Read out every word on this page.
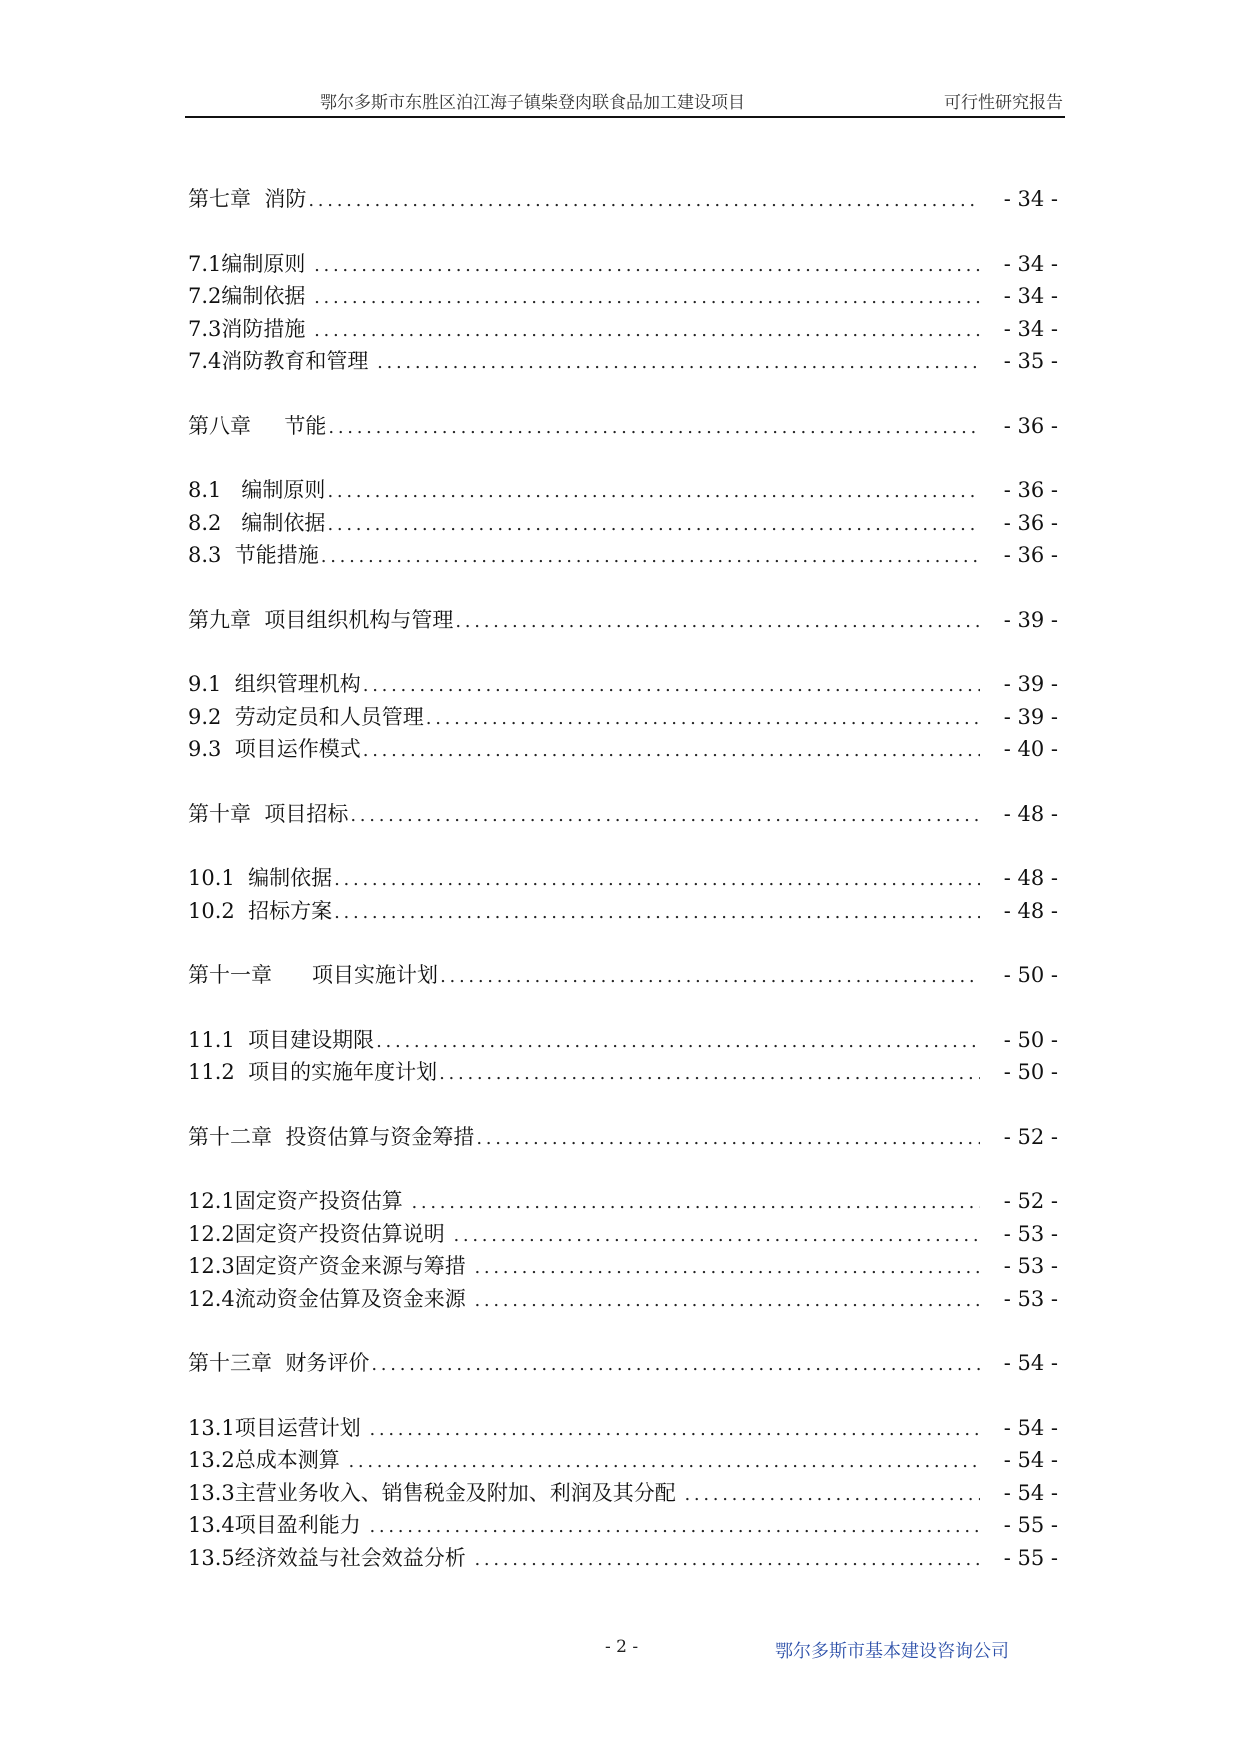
鄂尔多斯市东胜区泊江海子镇柴登肉联食品加工建设项目	可行性研究报告
第七章  消防 . . .	- 34 -
7.1编制原则 . . .	- 34 -
7.2编制依据 . . .	- 34 -
7.3消防措施 . . .	- 34 -
7.4消防教育和管理 . . .	- 35 -
第八章     节能 . . .	- 36 -
8.1   编制原则 . . .	- 36 -
8.2   编制依据 . . .	- 36 -
8.3  节能措施 . . .	- 36 -
第九章  项目组织机构与管理 . . .	- 39 -
9.1  组织管理机构 . . .	- 39 -
9.2  劳动定员和人员管理 . . .	- 39 -
9.3  项目运作模式 . . .	- 40 -
第十章  项目招标 . . .	- 48 -
10.1  编制依据 . . .	- 48 -
10.2  招标方案 . . .	- 48 -
第十一章      项目实施计划 . . .	- 50 -
11.1  项目建设期限 . . .	- 50 -
11.2  项目的实施年度计划 . . .	- 50 -
第十二章  投资估算与资金筹措 . . .	- 52 -
12.1固定资产投资估算 . . .	- 52 -
12.2固定资产投资估算说明 . . .	- 53 -
12.3固定资产资金来源与筹措 . . .	- 53 -
12.4流动资金估算及资金来源 . . .	- 53 -
第十三章  财务评价 . . .	- 54 -
13.1项目运营计划 . . .	- 54 -
13.2总成本测算 . . .	- 54 -
13.3主营业务收入、销售税金及附加、利润及其分配 . . .	- 54 -
13.4项目盈利能力 . . .	- 55 -
13.5经济效益与社会效益分析 . . .	- 55 -
- 2 -	鄂尔多斯市基本建设咨询公司
